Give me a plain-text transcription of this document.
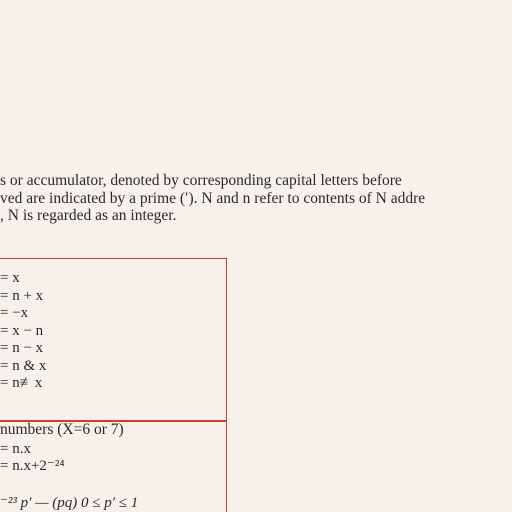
s or accumulator, denoted by corresponding capital letters before
ved are indicated by a prime (′). N and n refer to contents of N addre
, N is regarded as an integer.
= x
= n + x
= −x
= x − n
= n − x
= n & x
= n≢x
numbers (X=6 or 7)
= n.x
= n.x+2⁻²⁴
⁻²³ p′ — (pq) 0 ≤ p′ ≤ 1
